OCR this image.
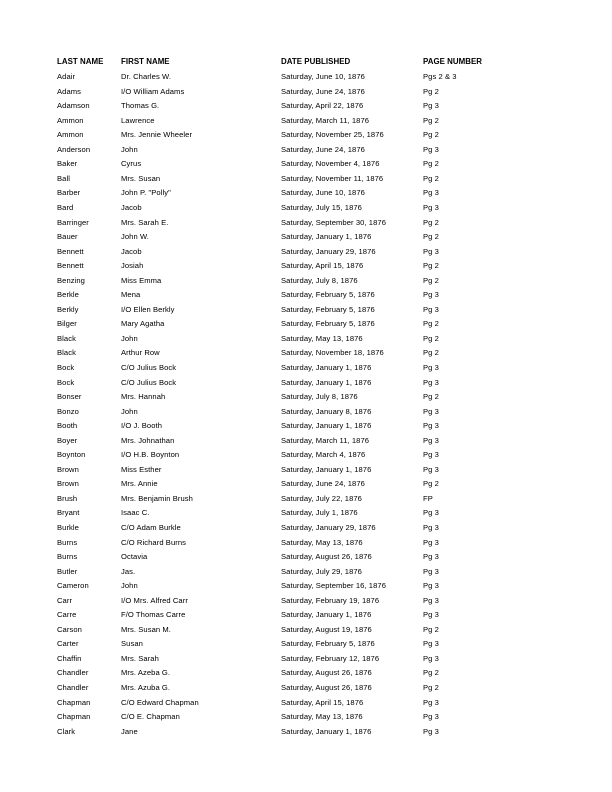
LAST NAME	FIRST NAME	DATE PUBLISHED	PAGE NUMBER
Adair	Dr. Charles W.	Saturday, June 10, 1876	Pgs 2 & 3
Adams	I/O William Adams	Saturday, June 24, 1876	Pg 2
Adamson	Thomas G.	Saturday, April 22, 1876	Pg 3
Ammon	Lawrence	Saturday, March 11, 1876	Pg 2
Ammon	Mrs. Jennie Wheeler	Saturday, November 25, 1876	Pg 2
Anderson	John	Saturday, June 24, 1876	Pg 3
Baker	Cyrus	Saturday, November 4, 1876	Pg 2
Ball	Mrs. Susan	Saturday, November 11, 1876	Pg 2
Barber	John P. "Polly"	Saturday, June 10, 1876	Pg 3
Bard	Jacob	Saturday, July 15, 1876	Pg 3
Barringer	Mrs. Sarah E.	Saturday, September 30, 1876	Pg 2
Bauer	John W.	Saturday, January 1, 1876	Pg 2
Bennett	Jacob	Saturday, January 29, 1876	Pg 3
Bennett	Josiah	Saturday, April 15, 1876	Pg 2
Benzing	Miss Emma	Saturday, July 8, 1876	Pg 2
Berkle	Mena	Saturday, February 5, 1876	Pg 3
Berkly	I/O Ellen Berkly	Saturday, February 5, 1876	Pg 3
Bilger	Mary Agatha	Saturday, February 5, 1876	Pg 2
Black	John	Saturday, May 13, 1876	Pg 2
Black	Arthur Row	Saturday, November 18, 1876	Pg 2
Bock	C/O Julius Bock	Saturday, January 1, 1876	Pg 3
Bock	C/O Julius Bock	Saturday, January 1, 1876	Pg 3
Bonser	Mrs. Hannah	Saturday, July 8, 1876	Pg 2
Bonzo	John	Saturday, January 8, 1876	Pg 3
Booth	I/O J. Booth	Saturday, January 1, 1876	Pg 3
Boyer	Mrs. Johnathan	Saturday, March 11, 1876	Pg 3
Boynton	I/O H.B. Boynton	Saturday, March 4, 1876	Pg 3
Brown	Miss Esther	Saturday, January 1, 1876	Pg 3
Brown	Mrs. Annie	Saturday, June 24, 1876	Pg 2
Brush	Mrs. Benjamin Brush	Saturday, July 22, 1876	FP
Bryant	Isaac C.	Saturday, July 1, 1876	Pg 3
Burkle	C/O Adam Burkle	Saturday, January 29, 1876	Pg 3
Burns	C/O Richard Burns	Saturday, May 13, 1876	Pg 3
Burns	Octavia	Saturday, August 26, 1876	Pg 3
Butler	Jas.	Saturday, July 29, 1876	Pg 3
Cameron	John	Saturday, September 16, 1876	Pg 3
Carr	I/O Mrs. Alfred Carr	Saturday, February 19, 1876	Pg 3
Carre	F/O Thomas Carre	Saturday, January 1, 1876	Pg 3
Carson	Mrs. Susan M.	Saturday, August 19, 1876	Pg 2
Carter	Susan	Saturday, February 5, 1876	Pg 3
Chaffin	Mrs. Sarah	Saturday, February 12, 1876	Pg 3
Chandler	Mrs. Azeba G.	Saturday, August 26, 1876	Pg 2
Chandler	Mrs. Azuba G.	Saturday, August 26, 1876	Pg 2
Chapman	C/O Edward Chapman	Saturday, April 15, 1876	Pg 3
Chapman	C/O E. Chapman	Saturday, May 13, 1876	Pg 3
Clark	Jane	Saturday, January 1, 1876	Pg 3
